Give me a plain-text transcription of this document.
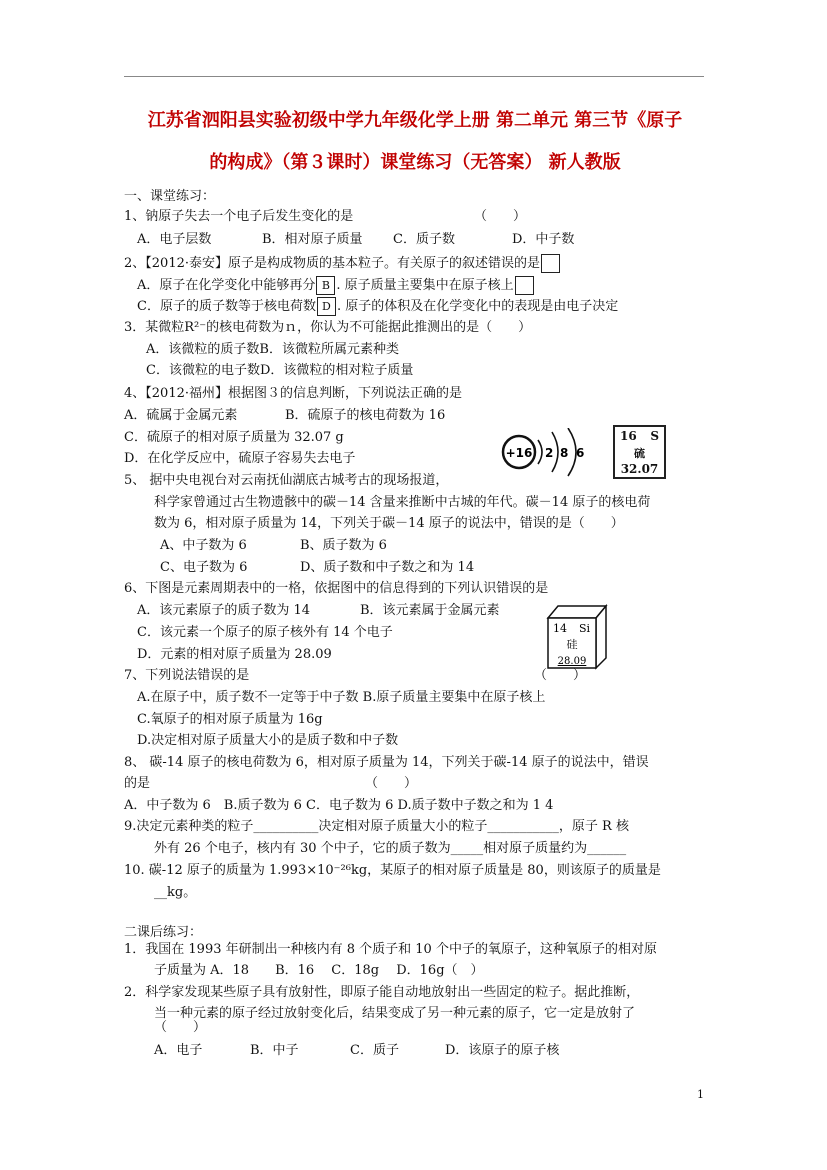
江苏省泗阳县实验初级中学九年级化学上册 第二单元 第三节《原子
的构成》（第３课时）课堂练习（无答案） 新人教版
一、课堂练习：
1、钠原子失去一个电子后发生变化的是	（　　）
A．电子层数	B．相对原子质量 C．质子数	D．中子数
2、【2012·泰安】原子是构成物质的基本粒子。有关原子的叙述错误的是
A．原子在化学变化中能够再分 B . 原子质量主要集中在原子核上
C．原子的质子数等于核电荷数 D . 原子的体积及在化学变化中的表现是由电子决定
3．某微粒R²⁻的核电荷数为ｎ，你认为不可能据此推测出的是（　　）
A．该微粒的质子数B．该微粒所属元素种类
C．该微粒的电子数D．该微粒的相对粒子质量
4、【2012·福州】根据图３的信息判断，下列说法正确的是
A．硫属于金属元素	B．硫原子的核电荷数为 16
C．硫原子的相对原子质量为 32.07 g
D．在化学反应中，硫原子容易失去电子	+16 2 8 6
16 S
硫
32.07
5、 据中央电视台对云南抚仙湖底古城考古的现场报道，
科学家曾通过古生物遗骸中的碳－14 含量来推断中古城的年代。碳－14 原子的核电荷
数为 6，相对原子质量为 14，下列关于碳－14 原子的说法中，错误的是（　　）
A、中子数为 6	B、质子数为 6
C、电子数为 6	D、质子数和中子数之和为 14
6、下图是元素周期表中的一格，依据图中的信息得到的下列认识错误的是
A．该元素原子的质子数为 14	B．该元素属于金属元素
C．该元素一个原子的原子核外有 14 个电子
D．元素的相对原子质量为 28.09
14 Si
硅
28.09
7、下列说法错误的是	（　　）
A.在原子中，质子数不一定等于中子数 B.原子质量主要集中在原子核上
C.氧原子的相对原子质量为 16g
D.决定相对原子质量大小的是质子数和中子数
8、 碳-14 原子的核电荷数为 6，相对原子质量为 14，下列关于碳-14 原子的说法中，错误
的是	（　　）
A．中子数为 6　B.质子数为 6 C．电子数为 6 D.质子数中子数之和为 1 4
9.决定元素种类的粒子__________决定相对原子质量大小的粒子___________，原子 R 核
外有 26 个电子，核内有 30 个中子，它的质子数为_____相对原子质量约为______
10. 碳-12 原子的质量为 1.993×10⁻²⁶kg，某原子的相对原子质量是 80，则该原子的质量是
__kg。
二课后练习：
1．我国在 1993 年研制出一种核内有 8 个质子和 10 个中子的氧原子，这种氧原子的相对原
子质量为 A．18　　B．16　 C．18g　 D．16g（　）
2．科学家发现某些原子具有放射性，即原子能自动地放射出一些固定的粒子。据此推断，
当一种元素的原子经过放射变化后，结果变成了另一种元素的原子，它一定是放射了
（　　）
A．电子	B．中子	C．质子	D．该原子的原子核
1
